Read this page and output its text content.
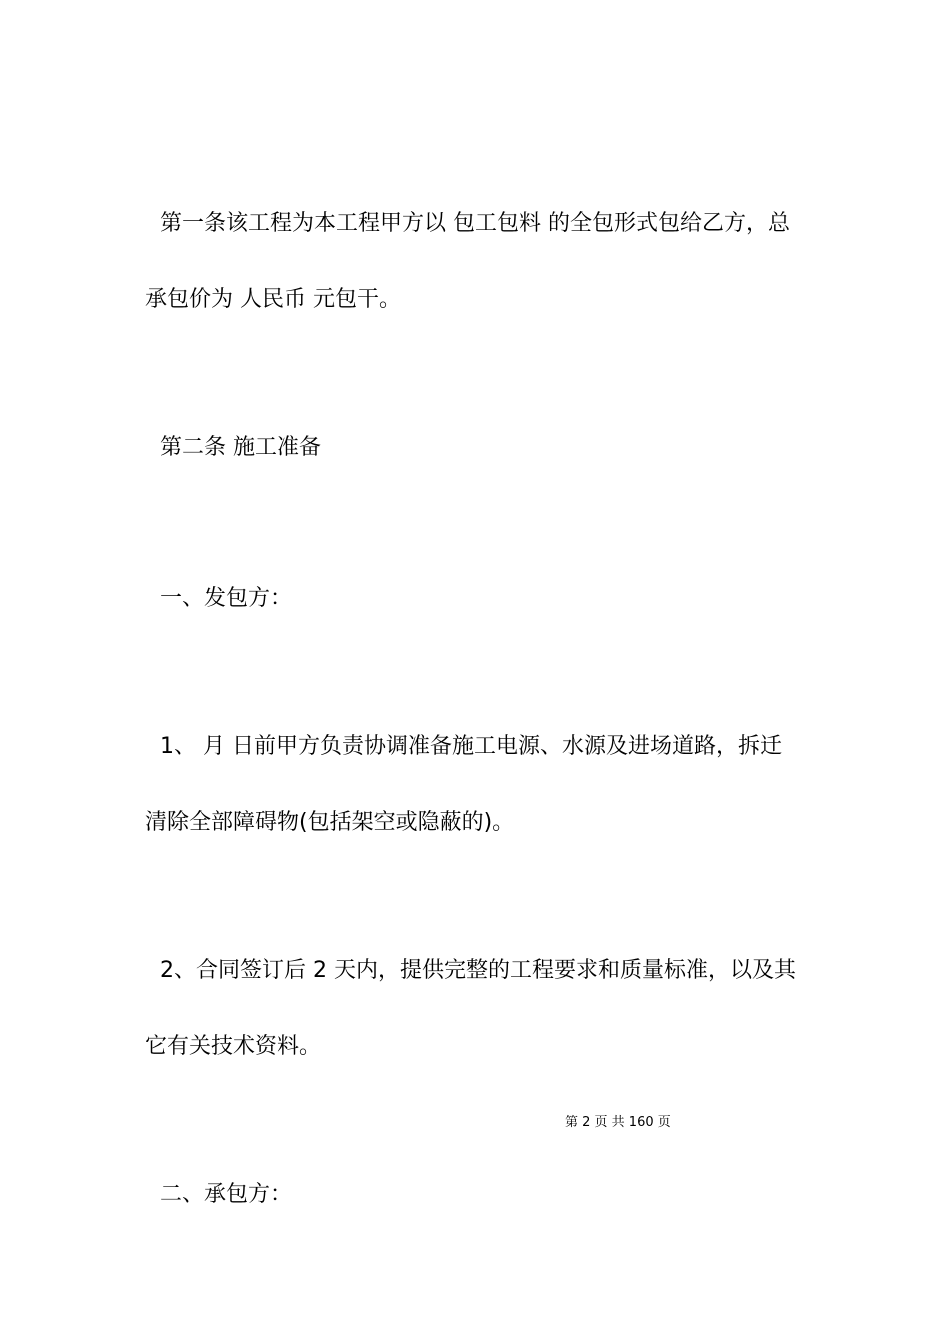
第一条该工程为本工程甲方以 包工包料 的全包形式包给乙方，总
承包价为 人民币 元包干。
第二条 施工准备
一、发包方：
1、 月 日前甲方负责协调准备施工电源、水源及进场道路，拆迁
清除全部障碍物(包括架空或隐蔽的)。
2、合同签订后 2 天内，提供完整的工程要求和质量标准，以及其
它有关技术资料。
第 2 页 共 160 页
二、承包方：
